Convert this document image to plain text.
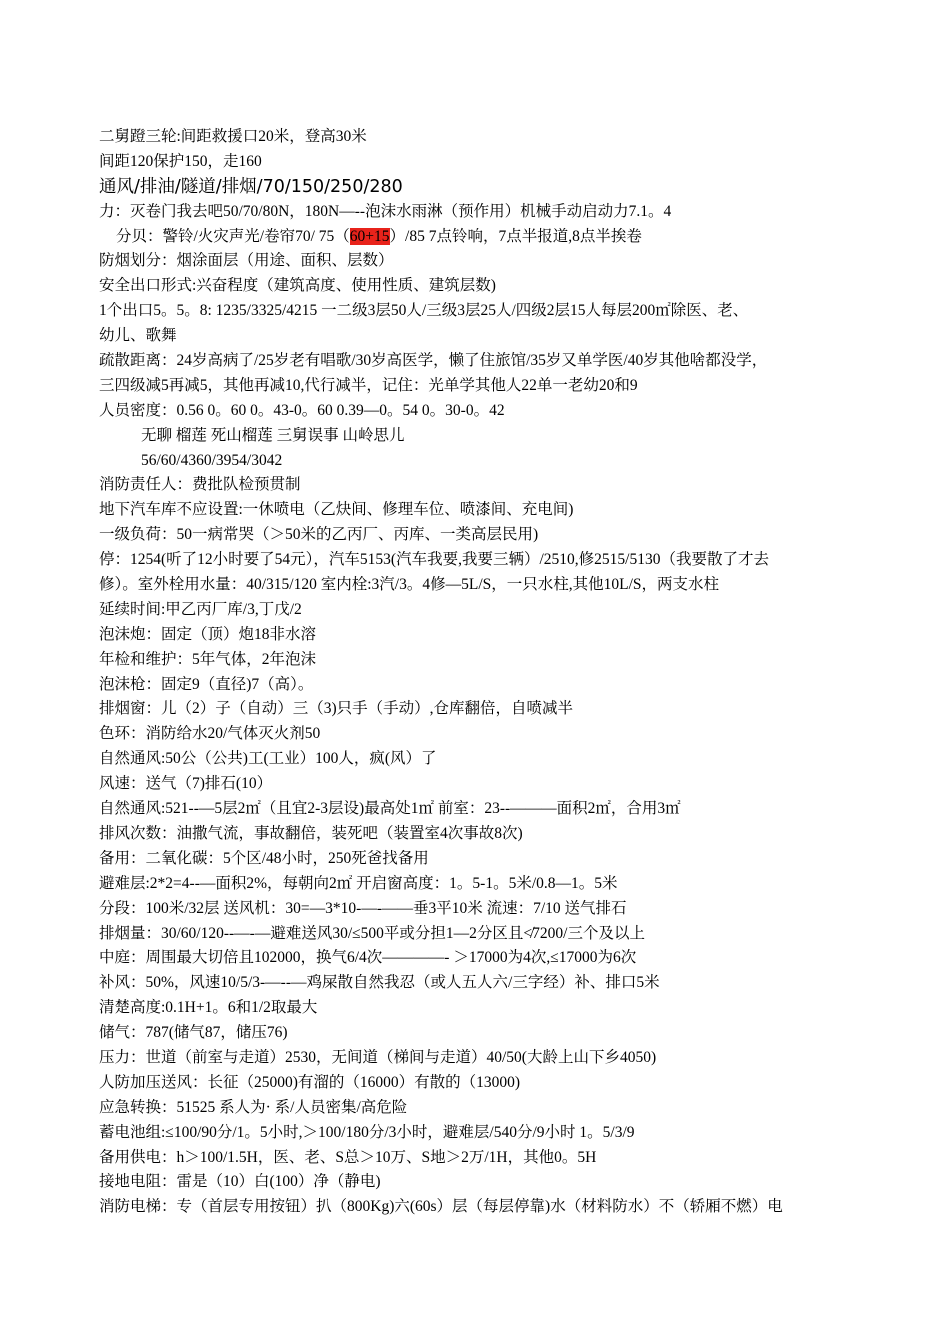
二舅蹬三轮:间距救援口20米，登高30米
间距120保护150，走160
通风/排油/隧道/排烟/70/150/250/280
力：灭卷门我去吧50/70/80N，180N—--泡沫水雨淋（预作用）机械手动启动力7.1。4
分贝：警铃/火灾声光/卷帘70/ 75（60+15）/85 7点铃响，7点半报道,8点半挨卷
防烟划分：烟涂面层（用途、面积、层数）
安全出口形式:兴奋程度（建筑高度、使用性质、建筑层数)
1个出口5。5。8: 1235/3325/4215 一二级3层50人/三级3层25人/四级2层15人每层200㎡除医、老、
幼儿、歌舞
疏散距离：24岁高病了/25岁老有唱歌/30岁高医学，懒了住旅馆/35岁又单学医/40岁其他啥都没学，
三四级减5再减5，其他再减10,代行减半，记住：光单学其他人22单一老幼20和9
人员密度：0.56 0。60 0。43-0。60 0.39—0。54 0。30-0。42
无聊 榴莲 死山榴莲 三舅误事 山岭思儿
56/60/4360/3954/3042
消防责任人：费批队检预贯制
地下汽车库不应设置:一休喷电（乙炔间、修理车位、喷漆间、充电间)
一级负荷：50一病常哭（＞50米的乙丙厂、丙库、一类高层民用)
停：1254(听了12小时要了54元），汽车5153(汽车我要,我要三辆）/2510,修2515/5130（我要散了才去
修）。室外栓用水量：40/315/120 室内栓:3汽/3。4修—5L/S，一只水柱,其他10L/S，两支水柱
延续时间:甲乙丙厂库/3,丁戊/2
泡沫炮：固定（顶）炮18非水溶
年检和维护：5年气体，2年泡沫
泡沫枪：固定9（直径)7（高）。
排烟窗：儿（2）子（自动）三（3)只手（手动）,仓库翻倍，自喷减半
色环：消防给水20/气体灭火剂50
自然通风:50公（公共)工(工业）100人，疯(风）了
风速：送气（7)排石(10）
自然通风:521--—5层2㎡（且宜2-3层设)最高处1㎡ 前室：23--———面积2㎡，合用3㎡
排风次数：油撒气流，事故翻倍，装死吧（装置室4次事故8次)
备用：二氧化碳：5个区/48小时，250死爸找备用
避难层:2*2=4--—面积2%，每朝向2㎡ 开启窗高度：1。5-1。5米/0.8—1。5米
分段：100米/32层 送风机：30=—3*10-—-——垂3平10米 流速：7/10 送气排石
排烟量：30/60/120--—-—避难送风30/≤500平或分担1—2分区且≮7200/三个及以上
中庭：周围最大切倍且102000，换气6/4次————- ＞17000为4次,≤17000为6次
补风：50%，风速10/5/3-—--—鸡屎散自然我忍（或人五人六/三字经）补、排口5米
清楚高度:0.1H+1。6和1/2取最大
储气：787(储气87，储压76)
压力：世道（前室与走道）2530，无间道（梯间与走道）40/50(大龄上山下乡4050)
人防加压送风：长征（25000)有溜的（16000）有散的（13000)
应急转换：51525 系人为· 系/人员密集/高危险
蓄电池组:≤100/90分/1。5小时,＞100/180分/3小时，避难层/540分/9小时 1。5/3/9
备用供电：h＞100/1.5H，医、老、S总＞10万、S地＞2万/1H，其他0。5H
接地电阻：雷是（10）白(100）净（静电)
消防电梯：专（首层专用按钮）扒（800Kg)六(60s）层（每层停靠)水（材料防水）不（轿厢不燃）电
